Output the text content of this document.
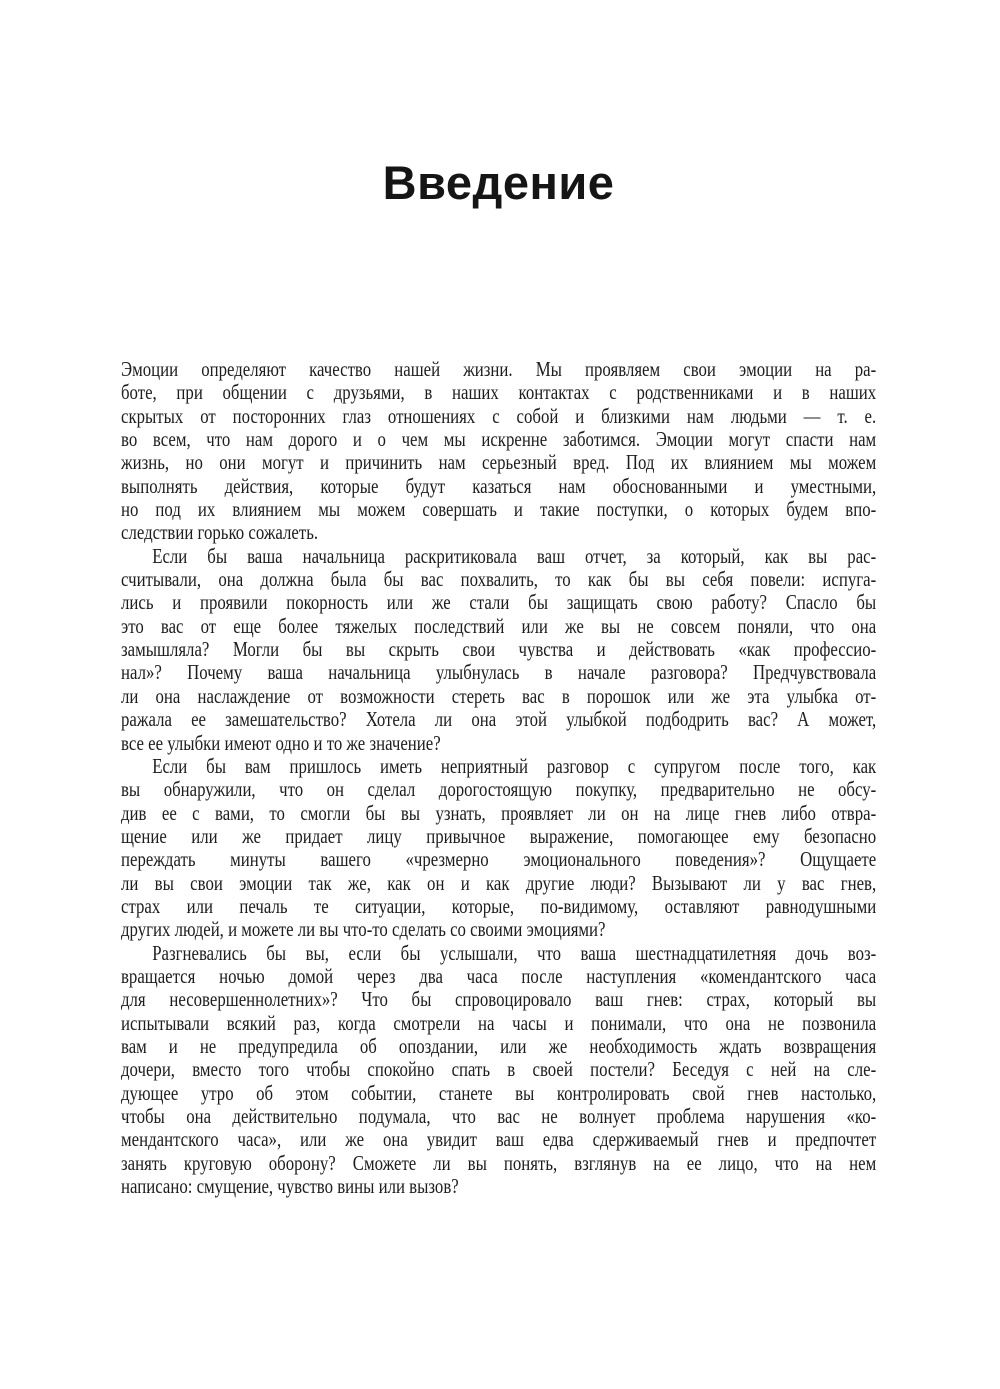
Введение

Эмоции определяют качество нашей жизни. Мы проявляем свои эмоции на ра-
боте, при общении с друзьями, в наших контактах с родственниками и в наших
скрытых от посторонних глаз отношениях с собой и близкими нам людьми — т. е.
во всем, что нам дорого и о чем мы искренне заботимся. Эмоции могут спасти нам
жизнь, но они могут и причинить нам серьезный вред. Под их влиянием мы можем
выполнять действия, которые будут казаться нам обоснованными и уместными,
но под их влиянием мы можем совершать и такие поступки, о которых будем впо-
следствии горько сожалеть.

Если бы ваша начальница раскритиковала ваш отчет, за который, как вы рас-
считывали, она должна была бы вас похвалить, то как бы вы себя повели: испуга-
лись и проявили покорность или же стали бы защищать свою работу? Спасло бы
это вас от еще более тяжелых последствий или же вы не совсем поняли, что она
замышляла? Могли бы вы скрыть свои чувства и действовать «как профессио-
нал»? Почему ваша начальница улыбнулась в начале разговора? Предчувствовала
ли она наслаждение от возможности стереть вас в порошок или же эта улыбка от-
ражала ее замешательство? Хотела ли она этой улыбкой подбодрить вас? А может,
все ее улыбки имеют одно и то же значение?

Если бы вам пришлось иметь неприятный разговор с супругом после того, как
вы обнаружили, что он сделал дорогостоящую покупку, предварительно не обсу-
див ее с вами, то смогли бы вы узнать, проявляет ли он на лице гнев либо отвра-
щение или же придает лицу привычное выражение, помогающее ему безопасно
переждать минуты вашего «чрезмерно эмоционального поведения»? Ощущаете
ли вы свои эмоции так же, как он и как другие люди? Вызывают ли у вас гнев,
страх или печаль те ситуации, которые, по-видимому, оставляют равнодушными
других людей, и можете ли вы что-то сделать со своими эмоциями?

Разгневались бы вы, если бы услышали, что ваша шестнадцатилетняя дочь воз-
вращается ночью домой через два часа после наступления «комендантского часа
для несовершеннолетних»? Что бы спровоцировало ваш гнев: страх, который вы
испытывали всякий раз, когда смотрели на часы и понимали, что она не позвонила
вам и не предупредила об опоздании, или же необходимость ждать возвращения
дочери, вместо того чтобы спокойно спать в своей постели? Беседуя с ней на сле-
дующее утро об этом событии, станете вы контролировать свой гнев настолько,
чтобы она действительно подумала, что вас не волнует проблема нарушения «ко-
мендантского часа», или же она увидит ваш едва сдерживаемый гнев и предпочтет
занять круговую оборону? Сможете ли вы понять, взглянув на ее лицо, что на нем
написано: смущение, чувство вины или вызов?
